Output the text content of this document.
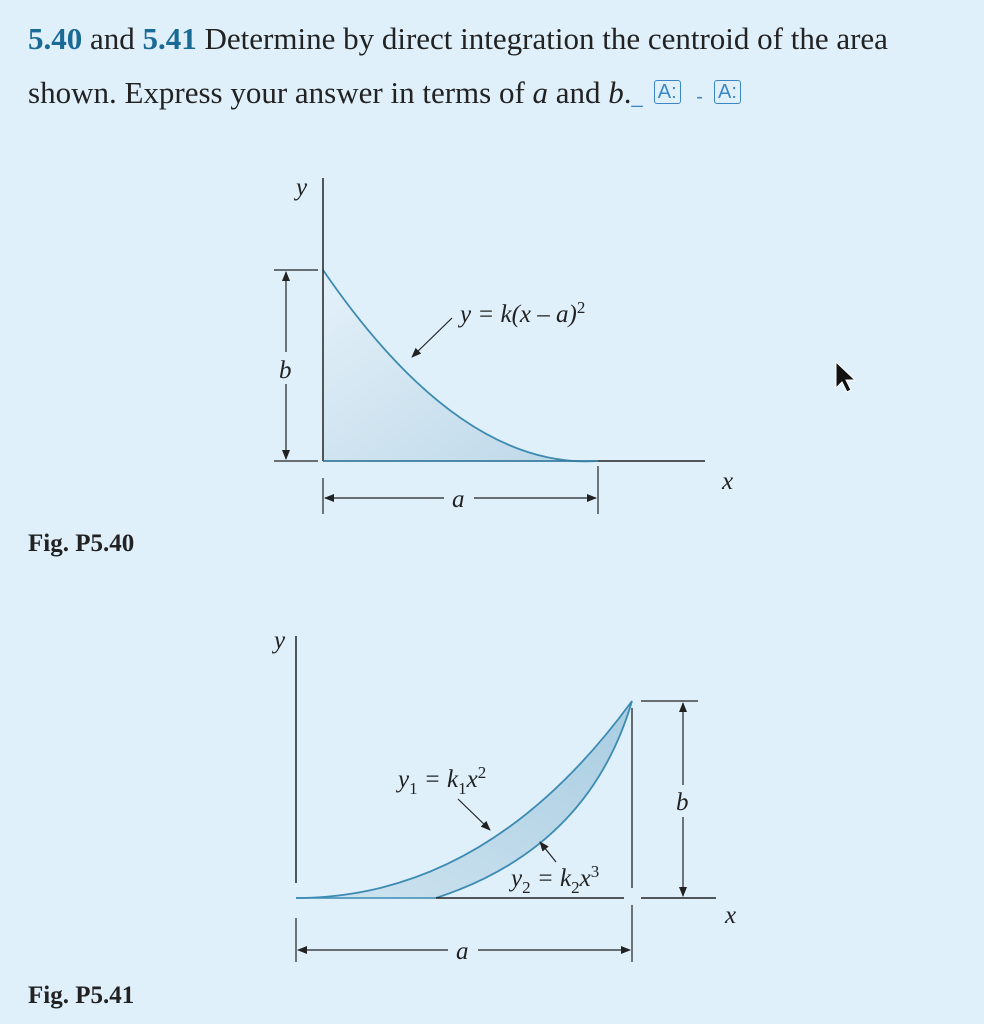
5.40 and 5.41 Determine by direct integration the centroid of the area shown. Express your answer in terms of a and b._  A: -  A:
Fig. P5.40
Fig. P5.41
y
x
b
a
y = k(x – a)$^2$
y
x
b
a
$y_1 = k_1x^2$
$y_2 = k_2x^3$
